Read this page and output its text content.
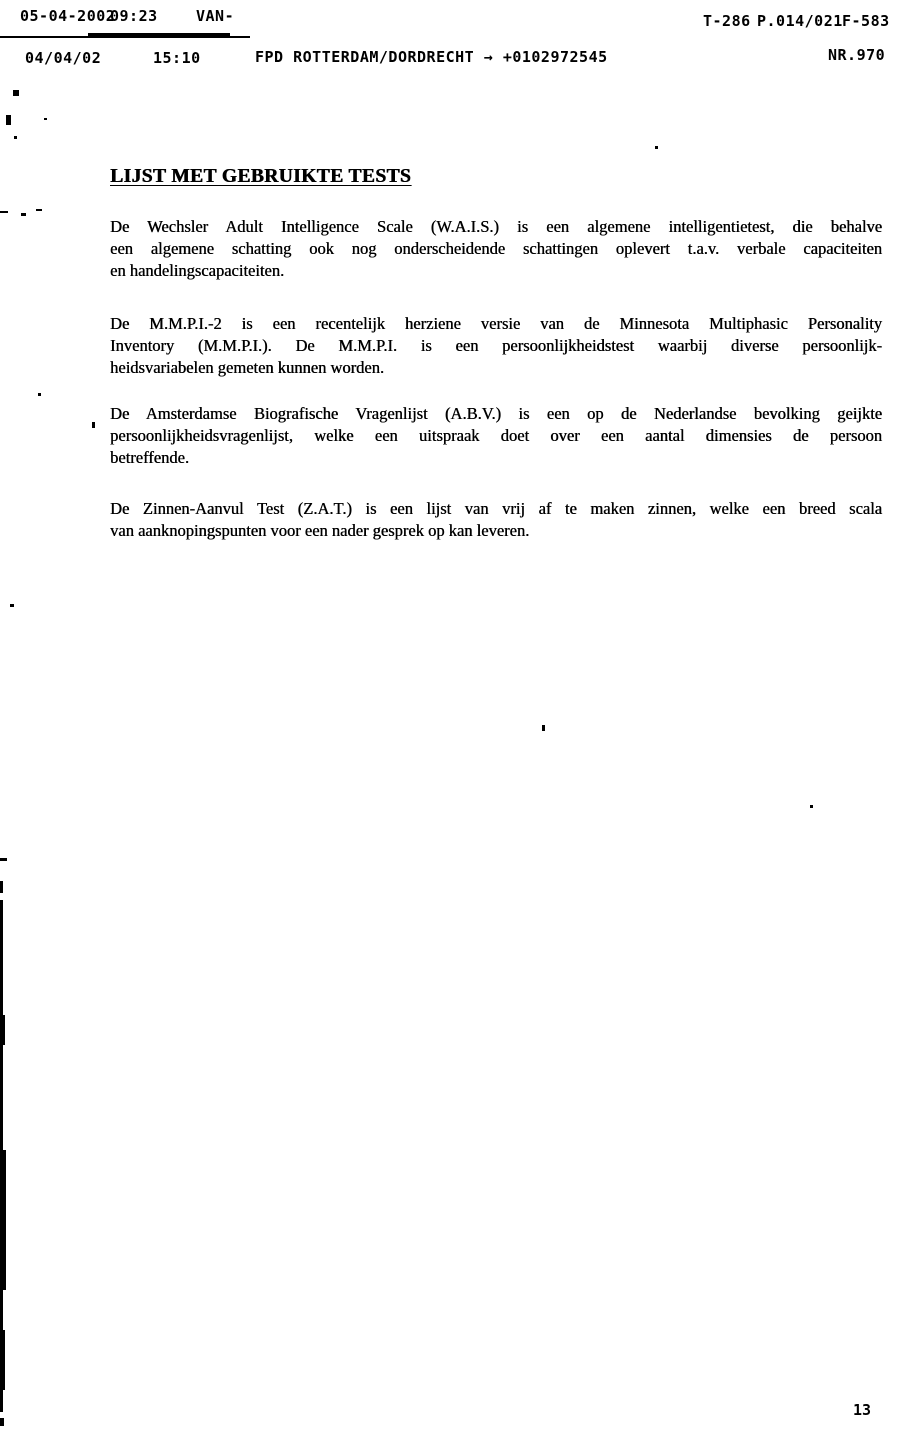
05-04-2002
09:23	VAN-	T-286 P.014/021 F-583
04/04/02	15:10	FPD ROTTERDAM/DORDRECHT → +0102972545	NR.970
LIJST MET GEBRUIKTE TESTS
De Wechsler Adult Intelligence Scale (W.A.I.S.) is een algemene intelligentietest, die behalve
een algemene schatting ook nog onderscheidende schattingen oplevert t.a.v. verbale capaciteiten
en handelingscapaciteiten.
De M.M.P.I.-2 is een recentelijk herziene versie van de Minnesota Multiphasic Personality
Inventory (M.M.P.I.). De M.M.P.I. is een persoonlijkheidstest waarbij diverse persoonlijk-
heidsvariabelen gemeten kunnen worden.
De Amsterdamse Biografische Vragenlijst (A.B.V.) is een op de Nederlandse bevolking geijkte
persoonlijkheidsvragenlijst, welke een uitspraak doet over een aantal dimensies de persoon
betreffende.
De Zinnen-Aanvul Test (Z.A.T.) is een lijst van vrij af te maken zinnen, welke een breed scala
van aanknopingspunten voor een nader gesprek op kan leveren.
13
